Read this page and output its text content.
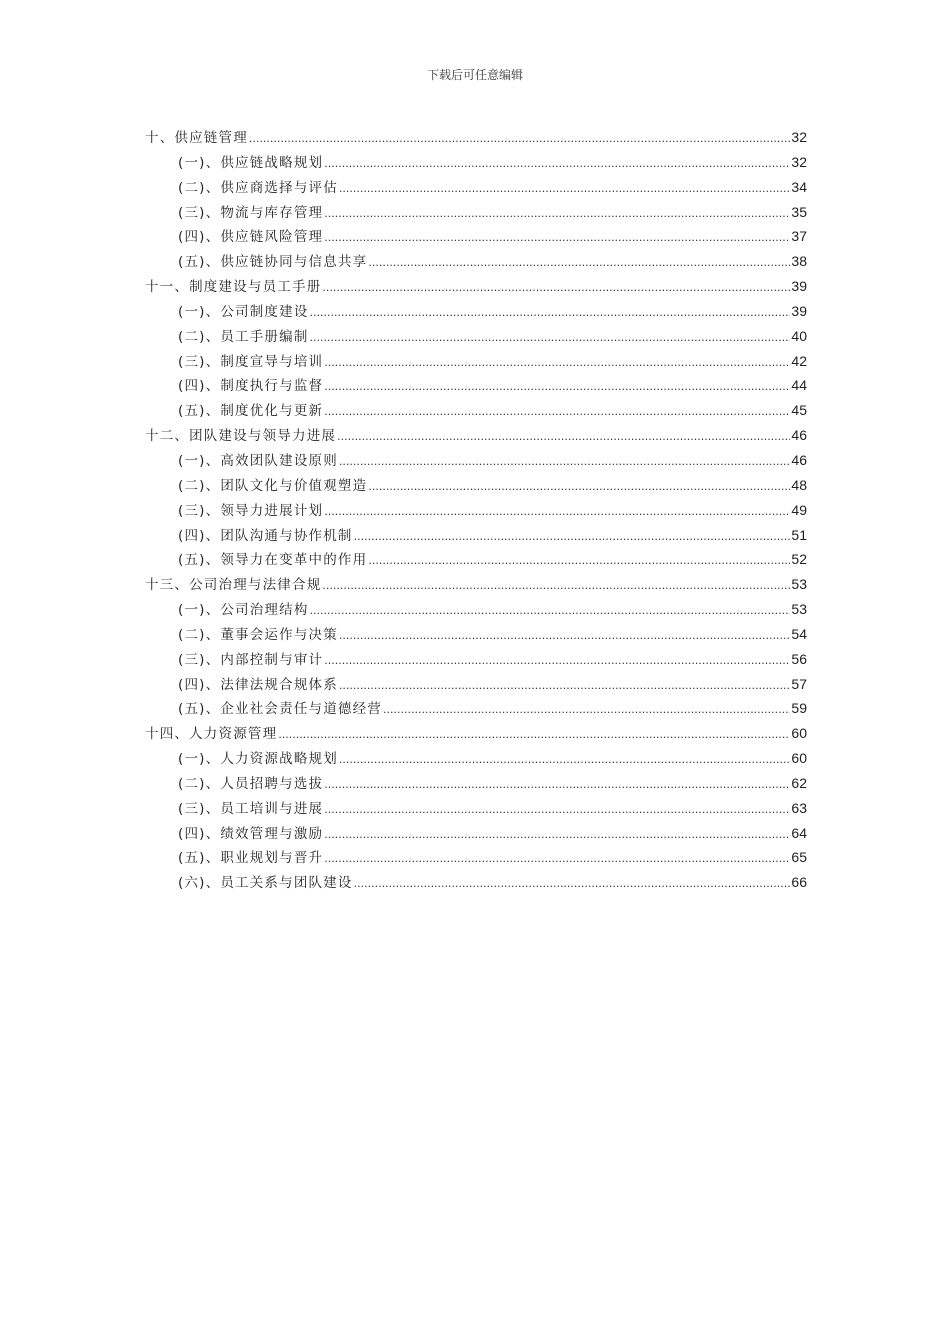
下载后可任意编辑
十、供应链管理 .....	32
(一)、供应链战略规划 .....	32
(二)、供应商选择与评估 .....	34
(三)、物流与库存管理 .....	35
(四)、供应链风险管理 .....	37
(五)、供应链协同与信息共享 .....	38
十一、制度建设与员工手册 .....	39
(一)、公司制度建设 .....	39
(二)、员工手册编制 .....	40
(三)、制度宣导与培训 .....	42
(四)、制度执行与监督 .....	44
(五)、制度优化与更新 .....	45
十二、团队建设与领导力进展 .....	46
(一)、高效团队建设原则 .....	46
(二)、团队文化与价值观塑造 .....	48
(三)、领导力进展计划 .....	49
(四)、团队沟通与协作机制 .....	51
(五)、领导力在变革中的作用 .....	52
十三、公司治理与法律合规 .....	53
(一)、公司治理结构 .....	53
(二)、董事会运作与决策 .....	54
(三)、内部控制与审计 .....	56
(四)、法律法规合规体系 .....	57
(五)、企业社会责任与道德经营 .....	59
十四、人力资源管理 .....	60
(一)、人力资源战略规划 .....	60
(二)、人员招聘与选拔 .....	62
(三)、员工培训与进展 .....	63
(四)、绩效管理与激励 .....	64
(五)、职业规划与晋升 .....	65
(六)、员工关系与团队建设 .....	66
